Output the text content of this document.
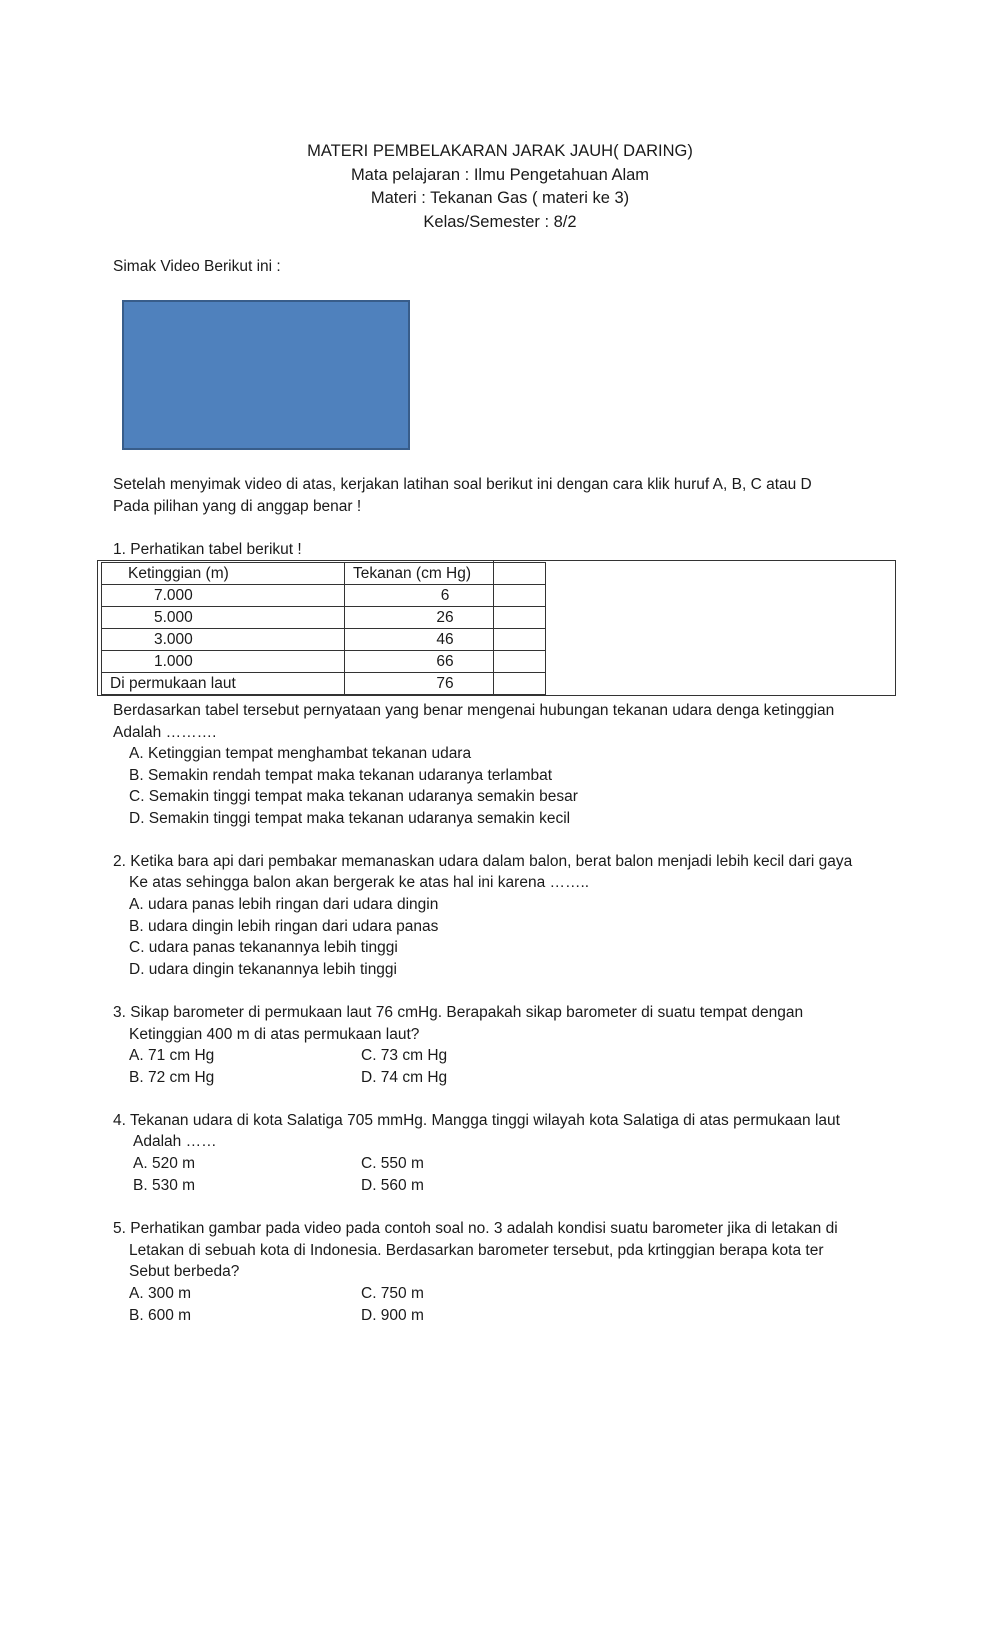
MATERI PEMBELAKARAN JARAK JAUH( DARING)
Mata pelajaran : Ilmu Pengetahuan Alam
Materi : Tekanan Gas ( materi ke 3)
Kelas/Semester : 8/2
Simak Video Berikut ini :
Setelah menyimak video di atas, kerjakan latihan soal berikut ini dengan cara klik huruf A, B, C atau D
Pada pilihan yang di anggap benar !
1. Perhatikan tabel berikut !
Ketinggian (m)	Tekanan (cm Hg)
7.000	6
5.000	26
3.000	46
1.000	66
Di permukaan laut	76
Berdasarkan tabel tersebut pernyataan yang benar mengenai hubungan tekanan udara denga ketinggian
Adalah ……….
A. Ketinggian tempat menghambat tekanan udara
B. Semakin rendah tempat maka tekanan udaranya terlambat
C. Semakin tinggi tempat maka tekanan udaranya semakin besar
D. Semakin tinggi tempat maka tekanan udaranya semakin kecil
2. Ketika bara api dari pembakar memanaskan udara dalam balon, berat balon menjadi lebih kecil dari gaya
Ke atas sehingga balon akan bergerak ke atas hal ini karena ……..
A. udara panas lebih ringan dari udara dingin
B. udara dingin lebih ringan dari udara panas
C. udara panas tekanannya lebih tinggi
D. udara dingin tekanannya lebih tinggi
3. Sikap barometer di permukaan laut 76 cmHg. Berapakah sikap barometer di suatu tempat dengan
Ketinggian 400 m di atas permukaan laut?
A. 71 cm Hg	C. 73 cm Hg
B. 72 cm Hg	D. 74 cm Hg
4. Tekanan udara di kota Salatiga 705 mmHg. Mangga tinggi wilayah kota Salatiga di atas permukaan laut
Adalah ……
A. 520 m	C. 550 m
B. 530 m	D. 560 m
5. Perhatikan gambar pada video pada contoh soal no. 3 adalah kondisi suatu barometer jika di letakan di
Letakan di sebuah kota di Indonesia. Berdasarkan barometer tersebut, pda krtinggian berapa kota ter
Sebut berbeda?
A. 300 m	C. 750 m
B. 600 m	D. 900 m
